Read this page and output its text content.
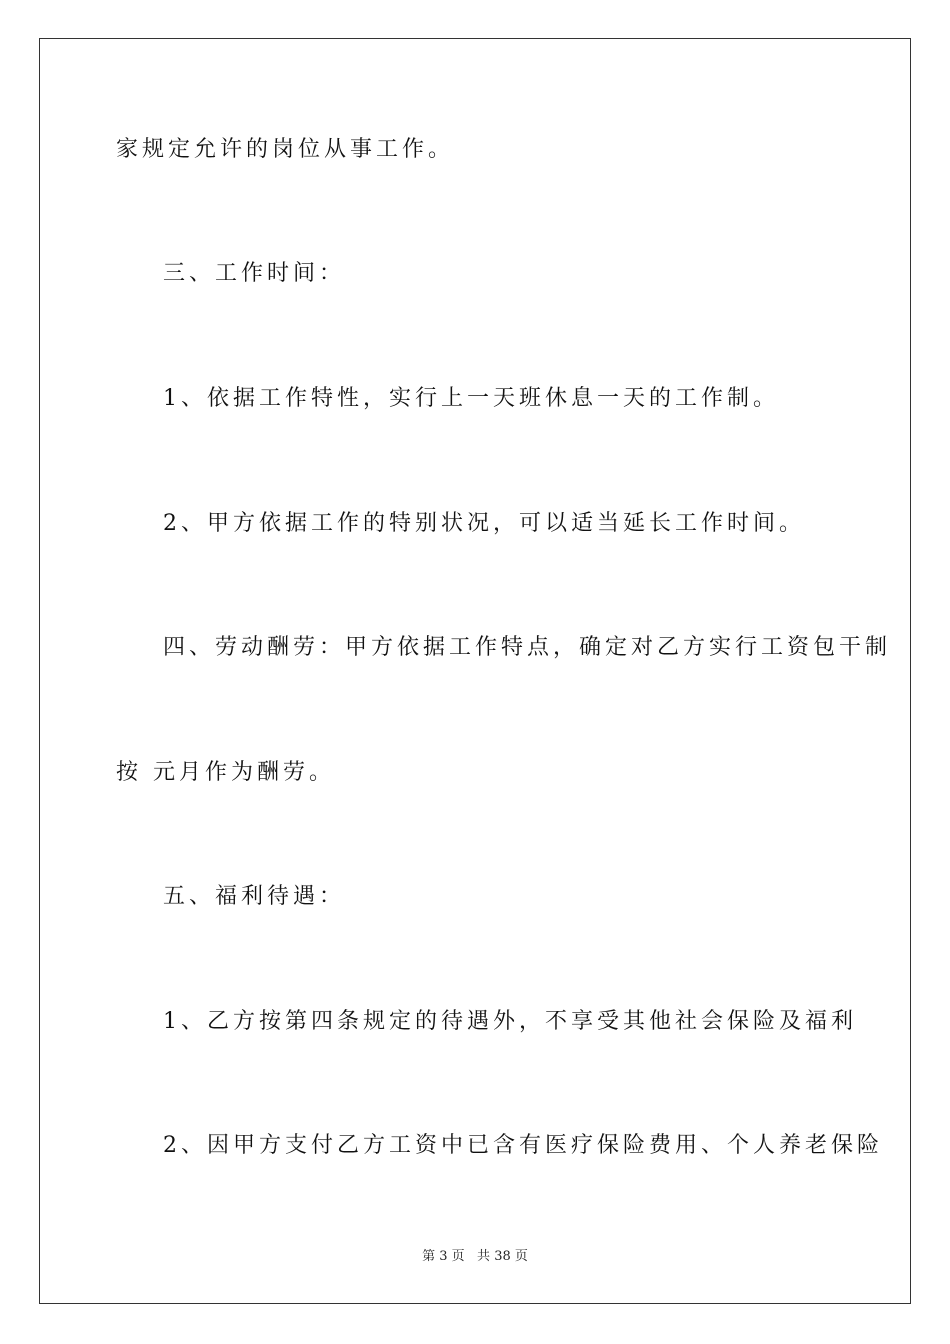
家规定允许的岗位从事工作。
三、工作时间：
1、依据工作特性，实行上一天班休息一天的工作制。
2、甲方依据工作的特别状况，可以适当延长工作时间。
四、劳动酬劳：甲方依据工作特点，确定对乙方实行工资包干制
按 元月作为酬劳。
五、福利待遇：
1、乙方按第四条规定的待遇外，不享受其他社会保险及福利
2、因甲方支付乙方工资中已含有医疗保险费用、个人养老保险
第 3 页   共 38 页
